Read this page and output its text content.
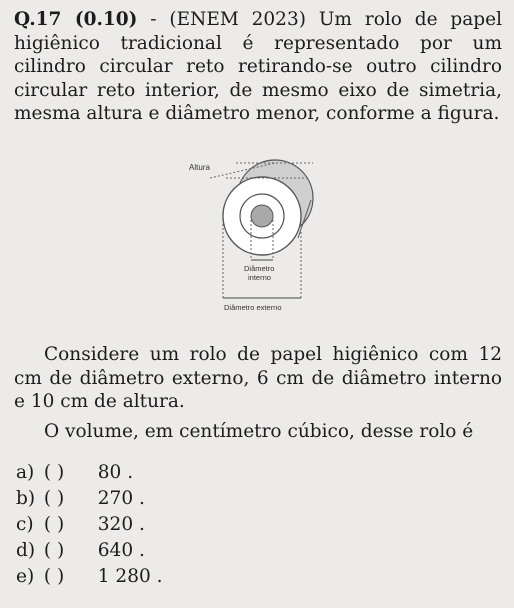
Q.17 (0.10) - (ENEM 2023) Um rolo de papel higiênico tradicional é representado por um cilindro circular reto retirando-se outro cilindro circular reto interior, de mesmo eixo de simetria, mesma altura e diâmetro menor, conforme a figura.
Altura
Diâmetro
interno
Diâmetro externo
Considere um rolo de papel higiênico com 12 cm de diâmetro externo, 6 cm de diâmetro interno e 10 cm de altura.
O volume, em centímetro cúbico, desse rolo é
a) ( ) 80 .
b) ( ) 270 .
c) ( ) 320 .
d) ( ) 640 .
e) ( ) 1 280 .
